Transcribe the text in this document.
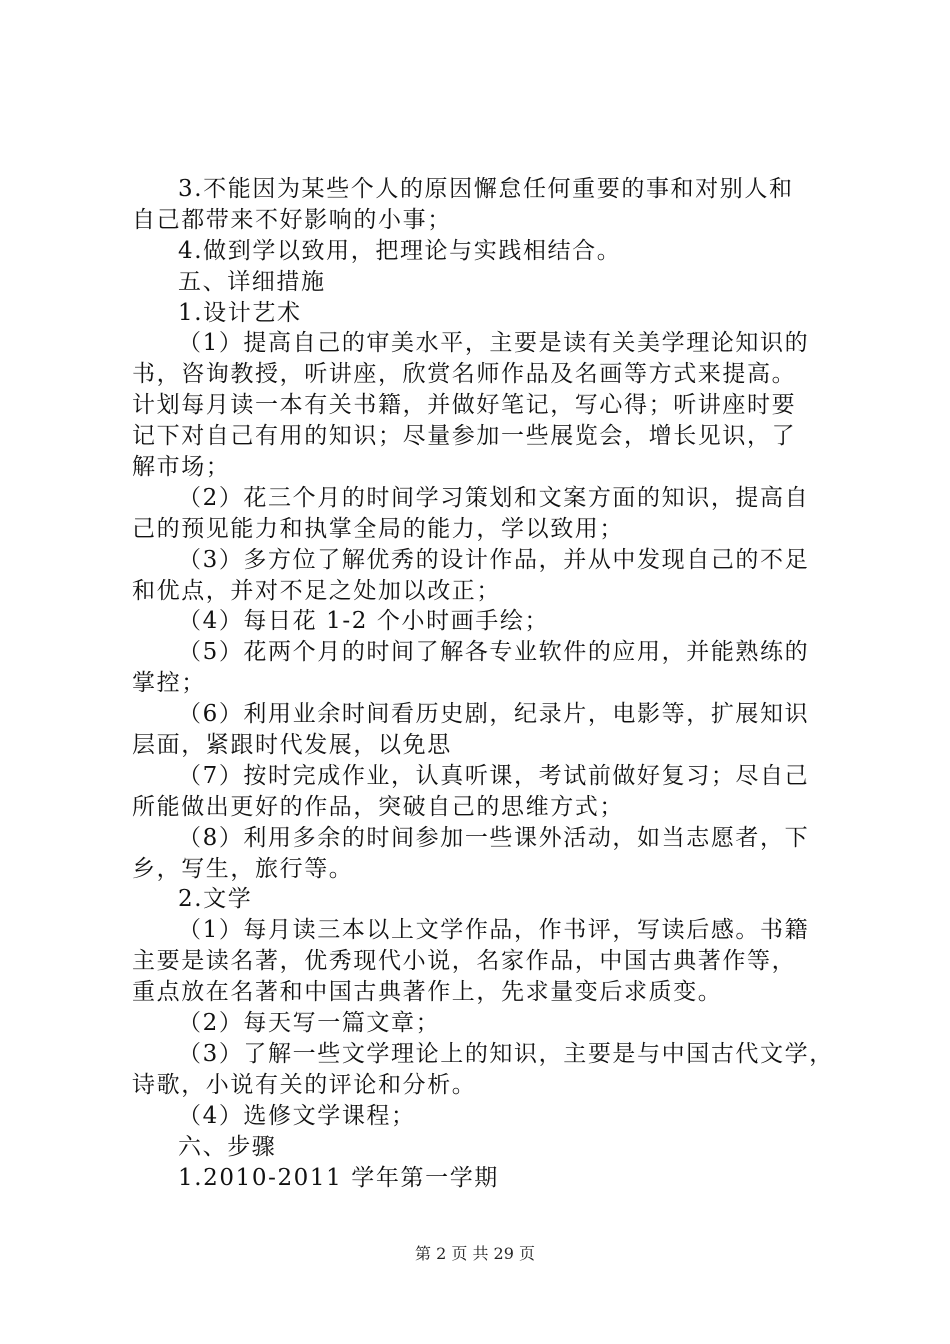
3.不能因为某些个人的原因懈怠任何重要的事和对别人和
自己都带来不好影响的小事；
4.做到学以致用，把理论与实践相结合。
五、详细措施
1.设计艺术
（1）提高自己的审美水平，主要是读有关美学理论知识的
书，咨询教授，听讲座，欣赏名师作品及名画等方式来提高。
计划每月读一本有关书籍，并做好笔记，写心得；听讲座时要
记下对自己有用的知识；尽量参加一些展览会，增长见识，了
解市场；
（2）花三个月的时间学习策划和文案方面的知识，提高自
己的预见能力和执掌全局的能力，学以致用；
（3）多方位了解优秀的设计作品，并从中发现自己的不足
和优点，并对不足之处加以改正；
（4）每日花 1-2 个小时画手绘；
（5）花两个月的时间了解各专业软件的应用，并能熟练的
掌控；
（6）利用业余时间看历史剧，纪录片，电影等，扩展知识
层面，紧跟时代发展，以免思
（7）按时完成作业，认真听课，考试前做好复习；尽自己
所能做出更好的作品，突破自己的思维方式；
（8）利用多余的时间参加一些课外活动，如当志愿者，下
乡，写生，旅行等。
2.文学
（1）每月读三本以上文学作品，作书评，写读后感。书籍
主要是读名著，优秀现代小说，名家作品，中国古典著作等，
重点放在名著和中国古典著作上，先求量变后求质变。
（2）每天写一篇文章；
（3）了解一些文学理论上的知识，主要是与中国古代文学，
诗歌，小说有关的评论和分析。
（4）选修文学课程；
六、步骤
1.2010-2011 学年第一学期
第 2 页 共 29 页
